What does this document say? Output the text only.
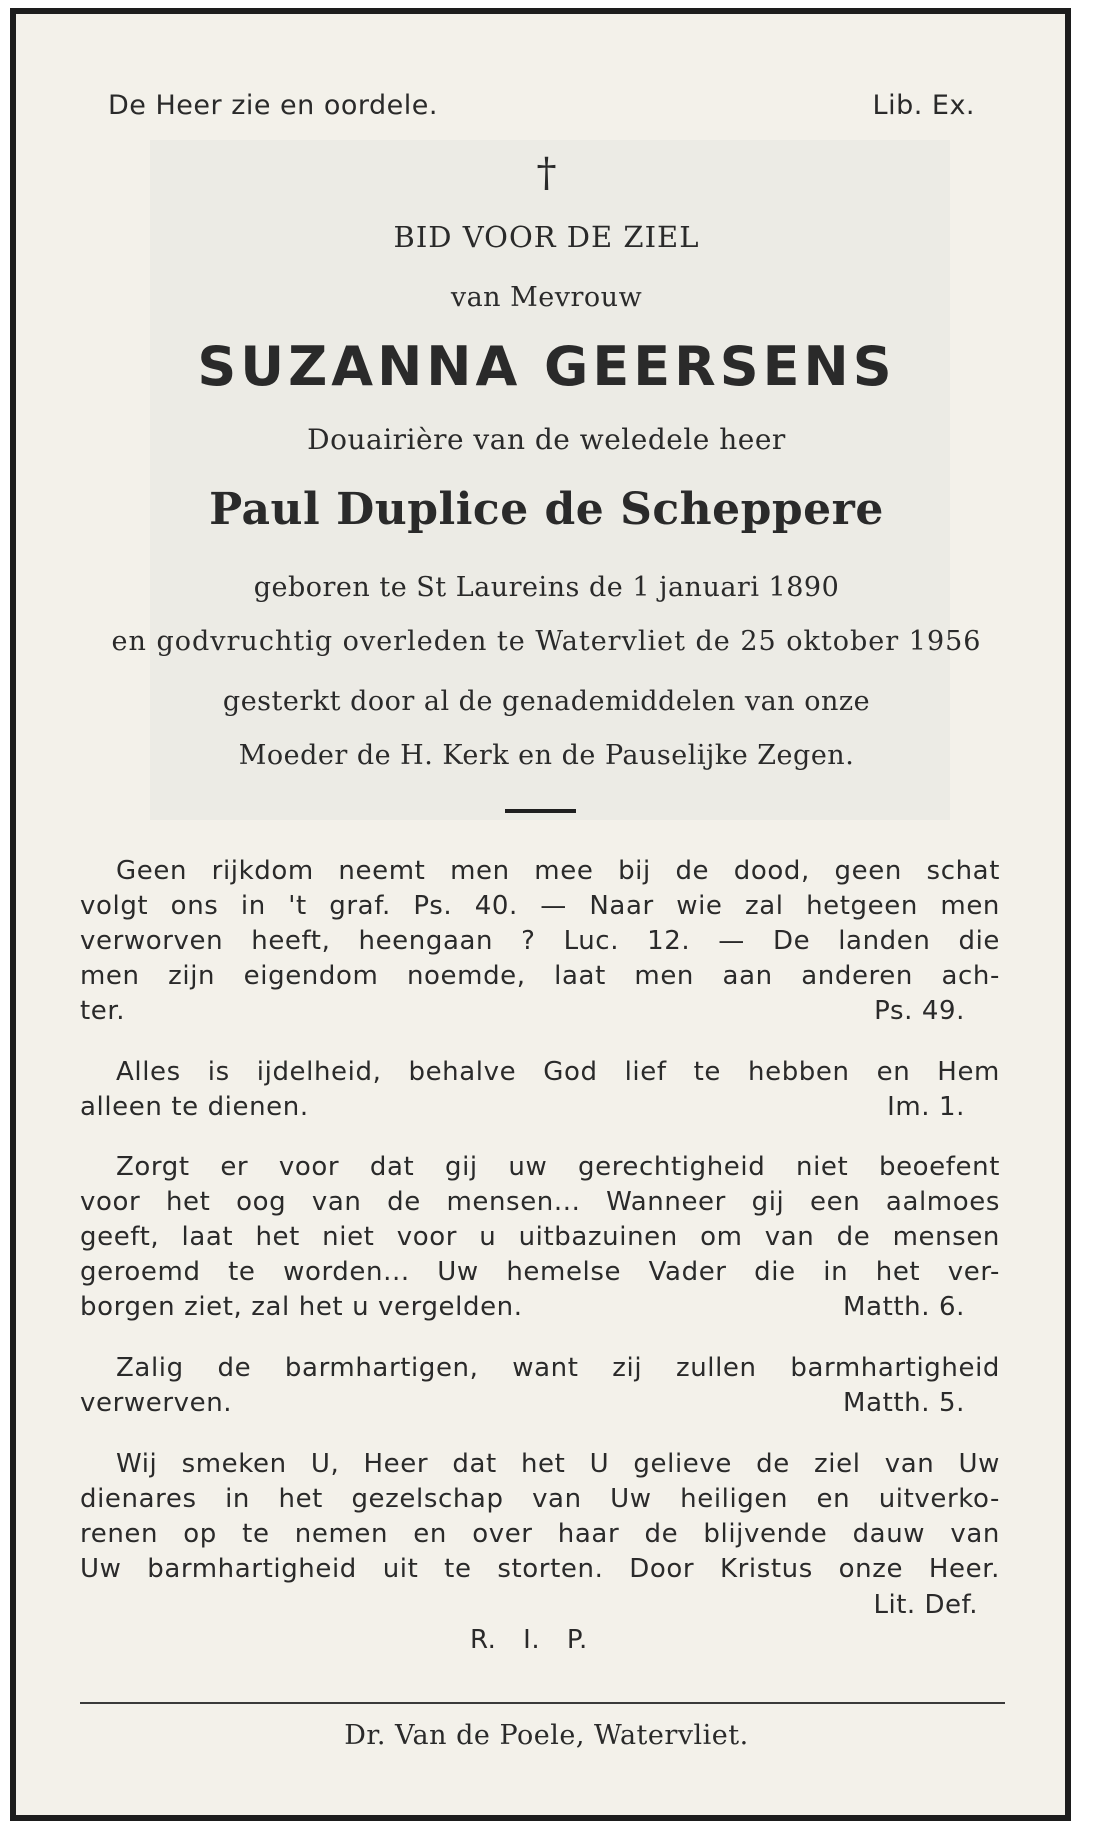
De Heer zie en oordele.	Lib. Ex.
†
BID VOOR DE ZIEL
van Mevrouw
SUZANNA GEERSENS
Douairière van de weledele heer
Paul Duplice de Scheppere
geboren te St Laureins de 1 januari 1890
en godvruchtig overleden te Watervliet de 25 oktober 1956
gesterkt door al de genademiddelen van onze
Moeder de H. Kerk en de Pauselijke Zegen.
Geen rijkdom neemt men mee bij de dood, geen schat
volgt ons in 't graf. Ps. 40. — Naar wie zal hetgeen men
verworven heeft, heengaan ? Luc. 12. — De landen die
men zijn eigendom noemde, laat men aan anderen ach-
ter.	Ps. 49.
Alles is ijdelheid, behalve God lief te hebben en Hem
alleen te dienen.	Im. 1.
Zorgt er voor dat gij uw gerechtigheid niet beoefent
voor het oog van de mensen... Wanneer gij een aalmoes
geeft, laat het niet voor u uitbazuinen om van de mensen
geroemd te worden... Uw hemelse Vader die in het ver-
borgen ziet, zal het u vergelden.	Matth. 6.
Zalig de barmhartigen, want zij zullen barmhartigheid
verwerven.	Matth. 5.
Wij smeken U, Heer dat het U gelieve de ziel van Uw
dienares in het gezelschap van Uw heiligen en uitverko-
renen op te nemen en over haar de blijvende dauw van
Uw barmhartigheid uit te storten. Door Kristus onze Heer.
Lit. Def.
R. I. P.
Dr. Van de Poele, Watervliet.
